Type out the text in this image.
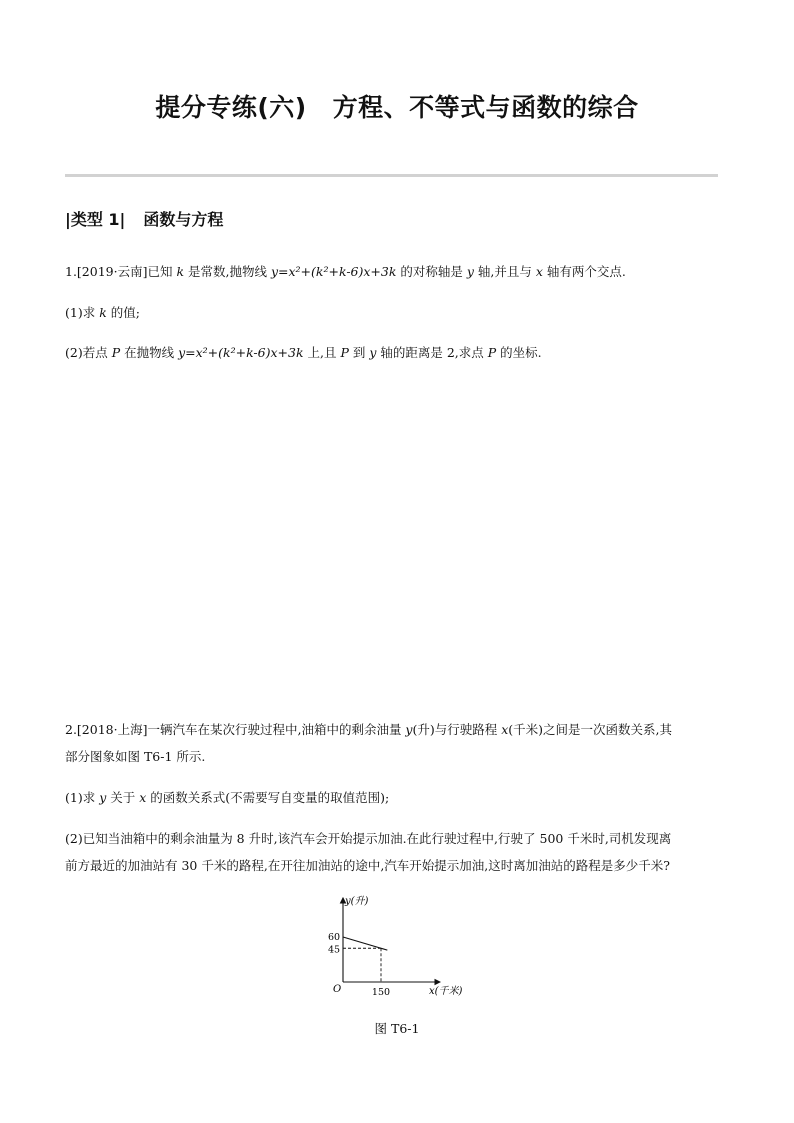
提分专练(六) 方程、不等式与函数的综合
|类型 1| 函数与方程
1.[2019·云南]已知 k 是常数,抛物线 y=x²+(k²+k-6)x+3k 的对称轴是 y 轴,并且与 x 轴有两个交点.
(1)求 k 的值;
(2)若点 P 在抛物线 y=x²+(k²+k-6)x+3k 上,且 P 到 y 轴的距离是 2,求点 P 的坐标.
2.[2018·上海]一辆汽车在某次行驶过程中,油箱中的剩余油量 y(升)与行驶路程 x(千米)之间是一次函数关系,其
部分图象如图 T6-1 所示.
(1)求 y 关于 x 的函数关系式(不需要写自变量的取值范围);
(2)已知当油箱中的剩余油量为 8 升时,该汽车会开始提示加油.在此行驶过程中,行驶了 500 千米时,司机发现离
前方最近的加油站有 30 千米的路程,在开往加油站的途中,汽车开始提示加油,这时离加油站的路程是多少千米?
y(升)
x(千米)
O
60
45
150
图 T6-1
